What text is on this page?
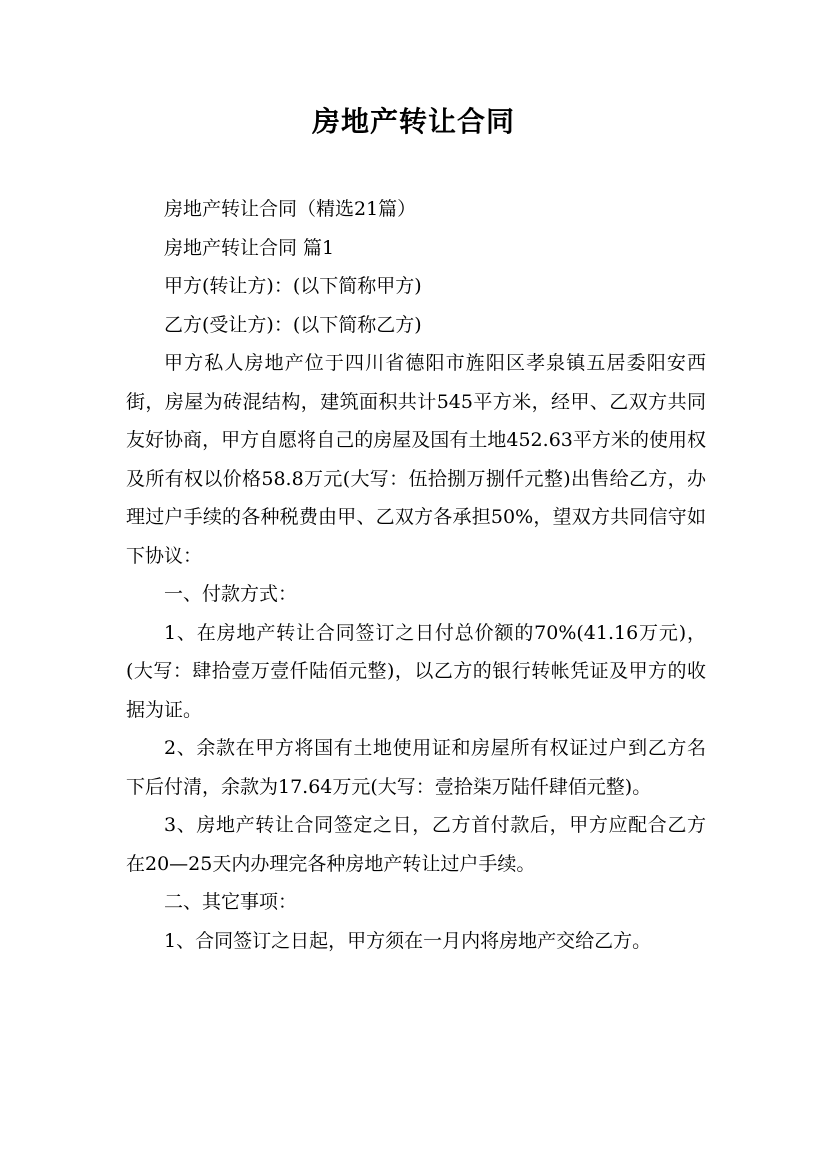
房地产转让合同

房地产转让合同（精选21篇）

房地产转让合同 篇1

甲方(转让方)：(以下简称甲方)

乙方(受让方)：(以下简称乙方)

甲方私人房地产位于四川省德阳市旌阳区孝泉镇五居委阳安西街，房屋为砖混结构，建筑面积共计545平方米，经甲、乙双方共同友好协商，甲方自愿将自己的房屋及国有土地452.63平方米的使用权及所有权以价格58.8万元(大写：伍拾捌万捌仟元整)出售给乙方，办理过户手续的各种税费由甲、乙双方各承担50%，望双方共同信守如下协议：

一、付款方式：

1、在房地产转让合同签订之日付总价额的70%(41.16万元)，(大写：肆拾壹万壹仟陆佰元整)，以乙方的银行转帐凭证及甲方的收据为证。

2、余款在甲方将国有土地使用证和房屋所有权证过户到乙方名下后付清，余款为17.64万元(大写：壹拾柒万陆仟肆佰元整)。

3、房地产转让合同签定之日，乙方首付款后，甲方应配合乙方在20—25天内办理完各种房地产转让过户手续。

二、其它事项：

1、合同签订之日起，甲方须在一月内将房地产交给乙方。
